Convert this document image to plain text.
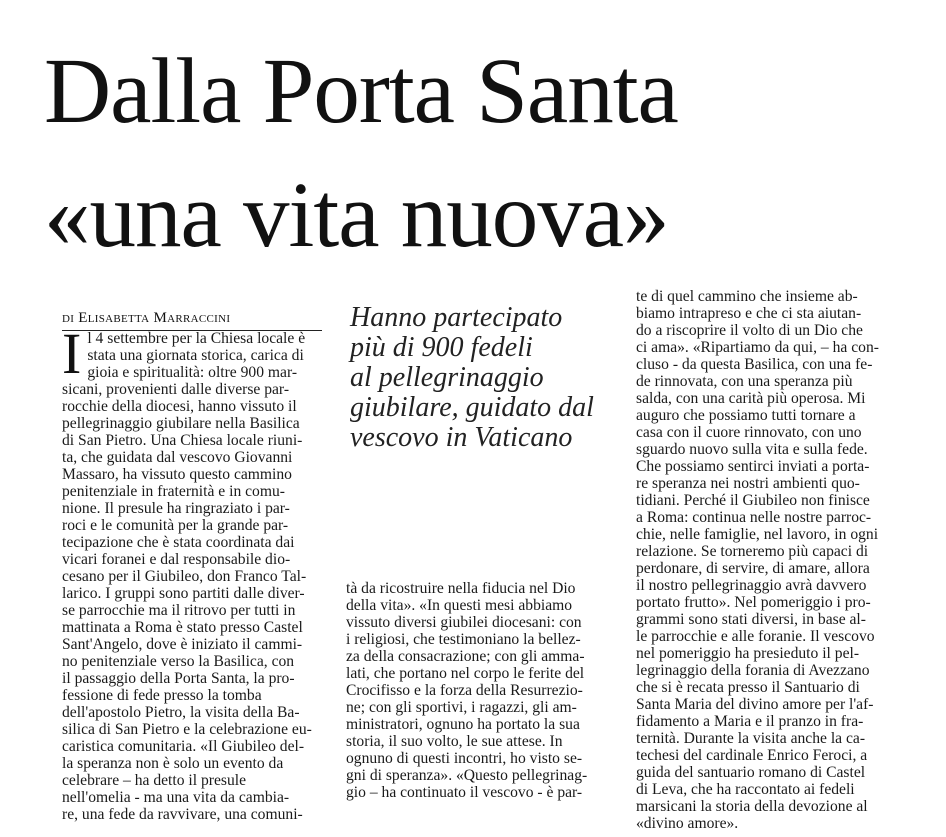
Dalla Porta Santa
«una vita nuova»
di Elisabetta Marraccini
I l 4 settembre per la Chiesa locale è
stata una giornata storica, carica di
gioia e spiritualità: oltre 900 mar-
sicani, provenienti dalle diverse par-
rocchie della diocesi, hanno vissuto il
pellegrinaggio giubilare nella Basilica
di San Pietro. Una Chiesa locale riuni-
ta, che guidata dal vescovo Giovanni
Massaro, ha vissuto questo cammino
penitenziale in fraternità e in comu-
nione. Il presule ha ringraziato i par-
roci e le comunità per la grande par-
tecipazione che è stata coordinata dai
vicari foranei e dal responsabile dio-
cesano per il Giubileo, don Franco Tal-
larico. I gruppi sono partiti dalle diver-
se parrocchie ma il ritrovo per tutti in
mattinata a Roma è stato presso Castel
Sant'Angelo, dove è iniziato il cammi-
no penitenziale verso la Basilica, con
il passaggio della Porta Santa, la pro-
fessione di fede presso la tomba
dell'apostolo Pietro, la visita della Ba-
silica di San Pietro e la celebrazione eu-
caristica comunitaria. «Il Giubileo del-
la speranza non è solo un evento da
celebrare – ha detto il presule
nell'omelia - ma una vita da cambia-
re, una fede da ravvivare, una comuni-
Hanno partecipato
più di 900 fedeli
al pellegrinaggio
giubilare, guidato dal
vescovo in Vaticano
tà da ricostruire nella fiducia nel Dio
della vita». «In questi mesi abbiamo
vissuto diversi giubilei diocesani: con
i religiosi, che testimoniano la bellez-
za della consacrazione; con gli amma-
lati, che portano nel corpo le ferite del
Crocifisso e la forza della Resurrezio-
ne; con gli sportivi, i ragazzi, gli am-
ministratori, ognuno ha portato la sua
storia, il suo volto, le sue attese. In
ognuno di questi incontri, ho visto se-
gni di speranza». «Questo pellegrinag-
gio – ha continuato il vescovo - è par-
te di quel cammino che insieme ab-
biamo intrapreso e che ci sta aiutan-
do a riscoprire il volto di un Dio che
ci ama». «Ripartiamo da qui, – ha con-
cluso - da questa Basilica, con una fe-
de rinnovata, con una speranza più
salda, con una carità più operosa. Mi
auguro che possiamo tutti tornare a
casa con il cuore rinnovato, con uno
sguardo nuovo sulla vita e sulla fede.
Che possiamo sentirci inviati a porta-
re speranza nei nostri ambienti quo-
tidiani. Perché il Giubileo non finisce
a Roma: continua nelle nostre parroc-
chie, nelle famiglie, nel lavoro, in ogni
relazione. Se torneremo più capaci di
perdonare, di servire, di amare, allora
il nostro pellegrinaggio avrà davvero
portato frutto». Nel pomeriggio i pro-
grammi sono stati diversi, in base al-
le parrocchie e alle foranie. Il vescovo
nel pomeriggio ha presieduto il pel-
legrinaggio della forania di Avezzano
che si è recata presso il Santuario di
Santa Maria del divino amore per l'af-
fidamento a Maria e il pranzo in fra-
ternità. Durante la visita anche la ca-
techesi del cardinale Enrico Feroci, a
guida del santuario romano di Castel
di Leva, che ha raccontato ai fedeli
marsicani la storia della devozione al
«divino amore».
